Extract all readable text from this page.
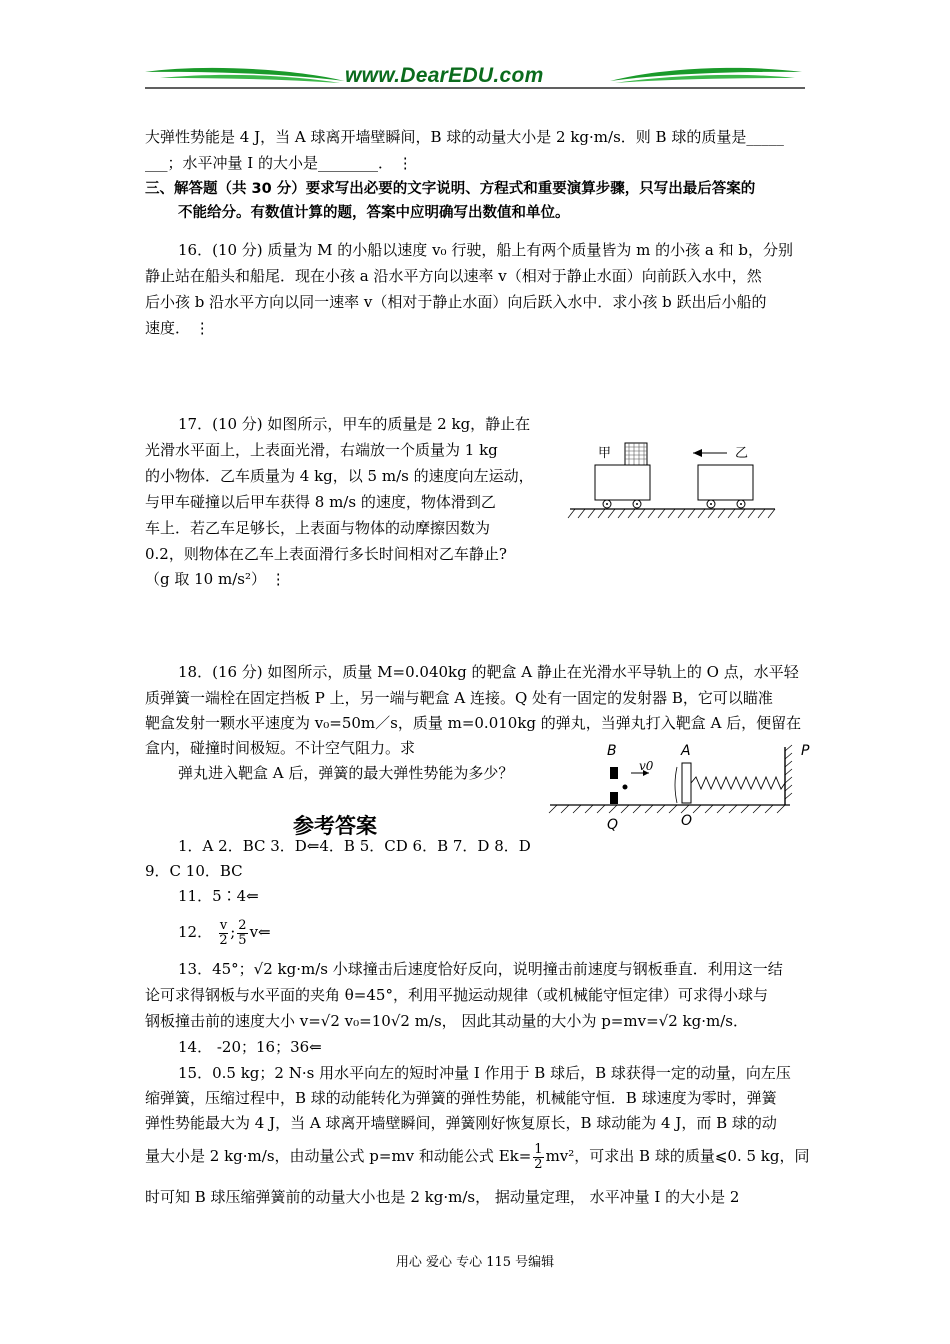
www.DearEDU.com
大弹性势能是 4 J，当 A 球离开墙壁瞬间，B 球的动量大小是 2 kg·m/s．则 B 球的质量是_____
___；水平冲量 I 的大小是________． ⋮
三、解答题（共 30 分）要求写出必要的文字说明、方程式和重要演算步骤，只写出最后答案的
不能给分。有数值计算的题，答案中应明确写出数值和单位。
16．(10 分) 质量为 M 的小船以速度 v₀ 行驶，船上有两个质量皆为 m 的小孩 a 和 b，分别
静止站在船头和船尾．现在小孩 a 沿水平方向以速率 v（相对于静止水面）向前跃入水中，然
后小孩 b 沿水平方向以同一速率 v（相对于静止水面）向后跃入水中．求小孩 b 跃出后小船的
速度． ⋮
17．(10 分) 如图所示，甲车的质量是 2 kg，静止在
光滑水平面上，上表面光滑，右端放一个质量为 1 kg
的小物体．乙车质量为 4 kg，以 5 m/s 的速度向左运动，
与甲车碰撞以后甲车获得 8 m/s 的速度，物体滑到乙
车上．若乙车足够长，上表面与物体的动摩擦因数为
0.2，则物体在乙车上表面滑行多长时间相对乙车静止?
（g 取 10 m/s²） ⋮
甲	乙
18．(16 分) 如图所示，质量 M=0.040kg 的靶盒 A 静止在光滑水平导轨上的 O 点，水平轻
质弹簧一端栓在固定挡板 P 上，另一端与靶盒 A 连接。Q 处有一固定的发射器 B，它可以瞄准
靶盒发射一颗水平速度为 v₀=50m／s，质量 m=0.010kg 的弹丸，当弹丸打入靶盒 A 后，便留在
盒内，碰撞时间极短。不计空气阻力。求
弹丸进入靶盒 A 后，弹簧的最大弹性势能为多少？
B	A	P
v0
Q	O
参考答案
1．A 2．BC 3．D⇐4．B 5．CD 6．B 7．D 8．D
9．C 10．BC
11．5∶4⇐
12． $\frac{v}{2}$ ; $\frac{2}{5}$ v⇐
13．45°；√2 kg·m/s 小球撞击后速度恰好反向，说明撞击前速度与钢板垂直．利用这一结
论可求得钢板与水平面的夹角 θ=45°，利用平抛运动规律（或机械能守恒定律）可求得小球与
钢板撞击前的速度大小 v=√2 v₀=10√2 m/s， 因此其动量的大小为 p=mv=√2 kg·m/s．
14． -20；16；36⇐
15．0.5 kg；2 N·s 用水平向左的短时冲量 I 作用于 B 球后，B 球获得一定的动量，向左压
缩弹簧，压缩过程中，B 球的动能转化为弹簧的弹性势能，机械能守恒．B 球速度为零时，弹簧
弹性势能最大为 4 J，当 A 球离开墙壁瞬间，弹簧刚好恢复原长，B 球动能为 4 J，而 B 球的动
量大小是 2 kg·m/s，由动量公式 p=mv 和动能公式 $Ek= \frac{1}{2} mv^2$，可求出 B 球的质量⩽0. 5 kg，同
时可知 B 球压缩弹簧前的动量大小也是 2 kg·m/s， 据动量定理， 水平冲量 I 的大小是 2
用心 爱心 专心 115 号编辑
